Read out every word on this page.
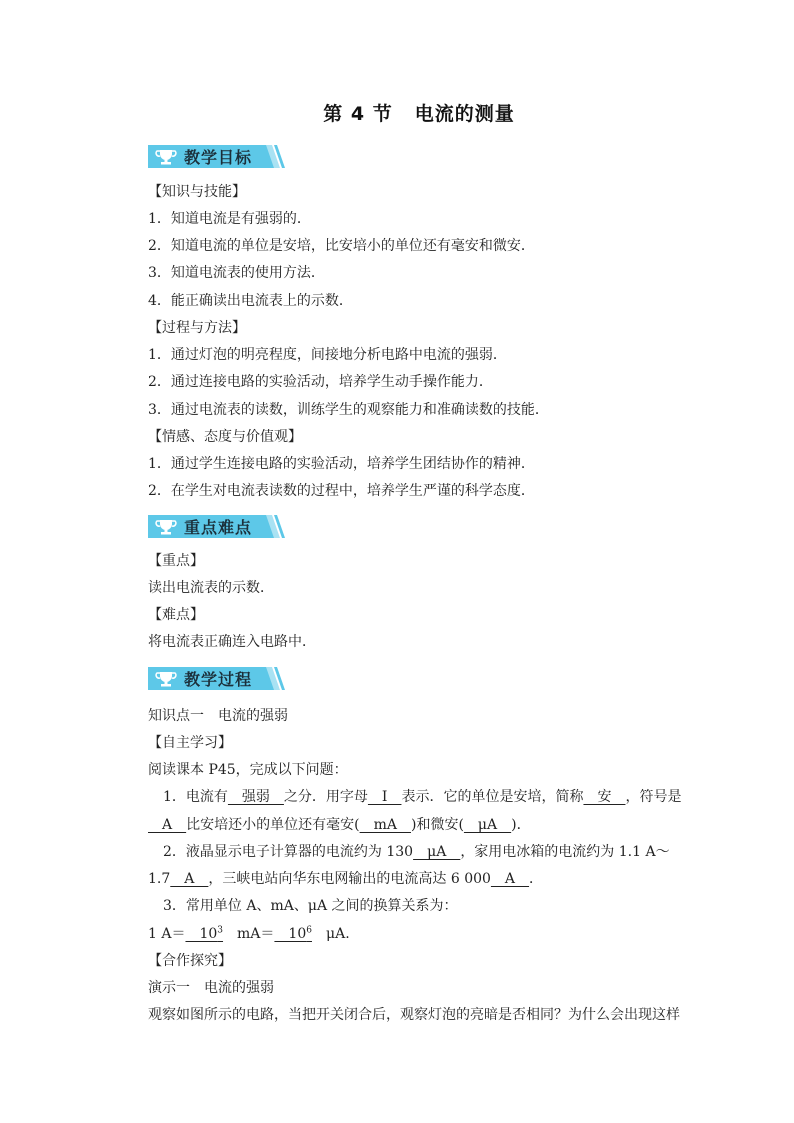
第 4 节 电流的测量
教学目标
【知识与技能】
1．知道电流是有强弱的．
2．知道电流的单位是安培，比安培小的单位还有毫安和微安．
3．知道电流表的使用方法．
4．能正确读出电流表上的示数．
【过程与方法】
1．通过灯泡的明亮程度，间接地分析电路中电流的强弱．
2．通过连接电路的实验活动，培养学生动手操作能力．
3．通过电流表的读数，训练学生的观察能力和准确读数的技能．
【情感、态度与价值观】
1．通过学生连接电路的实验活动，培养学生团结协作的精神．
2．在学生对电流表读数的过程中，培养学生严谨的科学态度．
重点难点
【重点】
读出电流表的示数．
【难点】
将电流表正确连入电路中．
教学过程
知识点一　电流的强弱
【自主学习】
阅读课本 P45，完成以下问题：
1．电流有　强弱　之分．用字母　I　表示．它的单位是安培，简称　安　，符号是
　A　比安培还小的单位还有毫安(　mA　)和微安(　μA　)．
2．液晶显示电子计算器的电流约为 130　μA　，家用电冰箱的电流约为 1.1 A～
1.7　A　，三峡电站向华东电网输出的电流高达 6 000　A　．
3．常用单位 A、mA、μA 之间的换算关系为：
1 A＝　$10^3$　mA＝　$10^6$　μA.
【合作探究】
演示一　电流的强弱
观察如图所示的电路，当把开关闭合后，观察灯泡的亮暗是否相同？为什么会出现这样
